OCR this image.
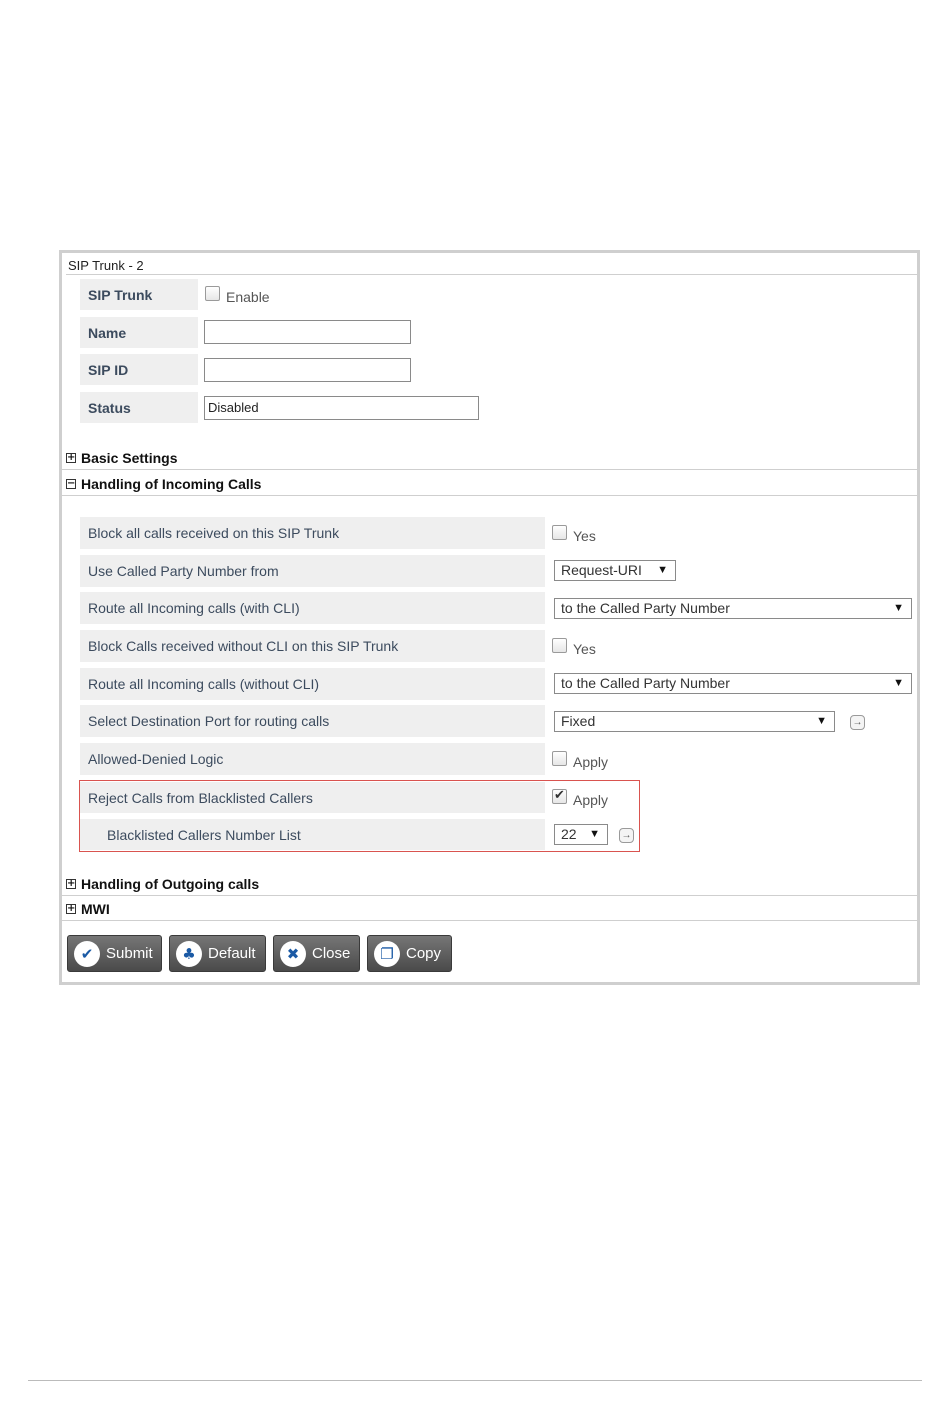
SIP Trunk - 2
SIP Trunk	Enable
Name
SIP ID
Status	Disabled
+ Basic Settings
− Handling of Incoming Calls
Block all calls received on this SIP Trunk	Yes
Use Called Party Number from	Request-URI ▼
Route all Incoming calls (with CLI)	to the Called Party Number	▼
Block Calls received without CLI on this SIP Trunk	Yes
Route all Incoming calls (without CLI)	to the Called Party Number	▼
Select Destination Port for routing calls	Fixed	▼	→
Allowed-Denied Logic	Apply
Reject Calls from Blacklisted Callers
✔	Apply
Blacklisted Callers Number List	22 ▼ →
+ Handling of Outgoing calls
+ MWI
✔ Submit	♣ Default	✖ Close	❐ Copy
